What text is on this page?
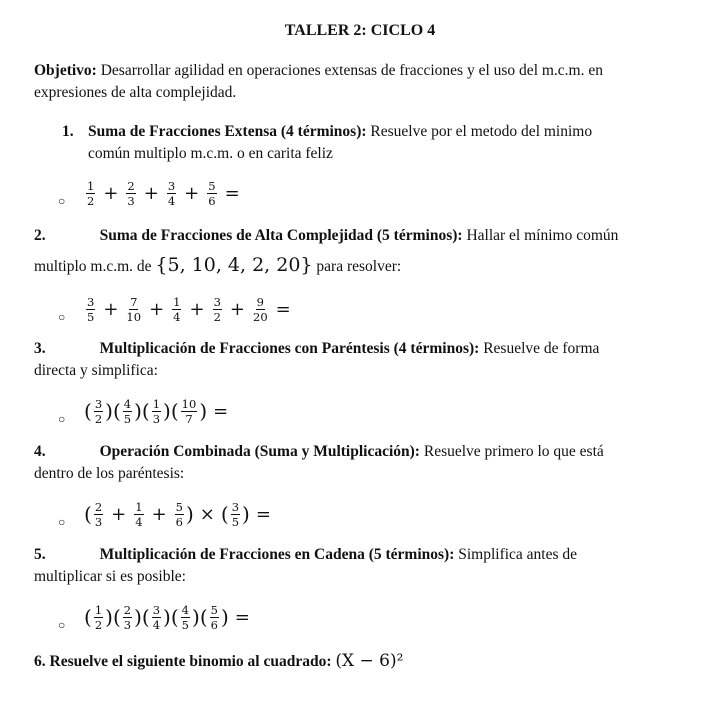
TALLER 2: CICLO 4
Objetivo: Desarrollar agilidad en operaciones extensas de fracciones y el uso del m.c.m. en
expresiones de alta complejidad.
1. Suma de Fracciones Extensa (4 términos): Resuelve por el metodo del minimo
común multiplo m.c.m. o en carita feliz
○	$\frac{1}{2} + \frac{2}{3} + \frac{3}{4} + \frac{5}{6}$ =
2.	Suma de Fracciones de Alta Complejidad (5 términos): Hallar el mínimo común
multiplo m.c.m. de {5, 10, 4, 2, 20} para resolver:
○	$\frac{3}{5} + \frac{7}{10} + \frac{1}{4} + \frac{3}{2} + \frac{9}{20}$ =
3.	Multiplicación de Fracciones con Paréntesis (4 términos): Resuelve de forma
directa y simplifica:
○ ( $\frac{3}{2}$ ) ( $\frac{4}{5}$ ) ( $\frac{1}{3}$ ) ( $\frac{10}{7}$ ) =
4.	Operación Combinada (Suma y Multiplicación): Resuelve primero lo que está
dentro de los paréntesis:
○ ( $\frac{2}{3} + \frac{1}{4} + \frac{5}{6}$ ) × ( $\frac{3}{5}$ ) =
5.	Multiplicación de Fracciones en Cadena (5 términos): Simplifica antes de
multiplicar si es posible:
○ ( $\frac{1}{2}$ ) ( $\frac{2}{3}$ ) ( $\frac{3}{4}$ ) ( $\frac{4}{5}$ ) ( $\frac{5}{6}$ ) =
6. Resuelve el siguiente binomio al cuadrado: (X − 6)²
